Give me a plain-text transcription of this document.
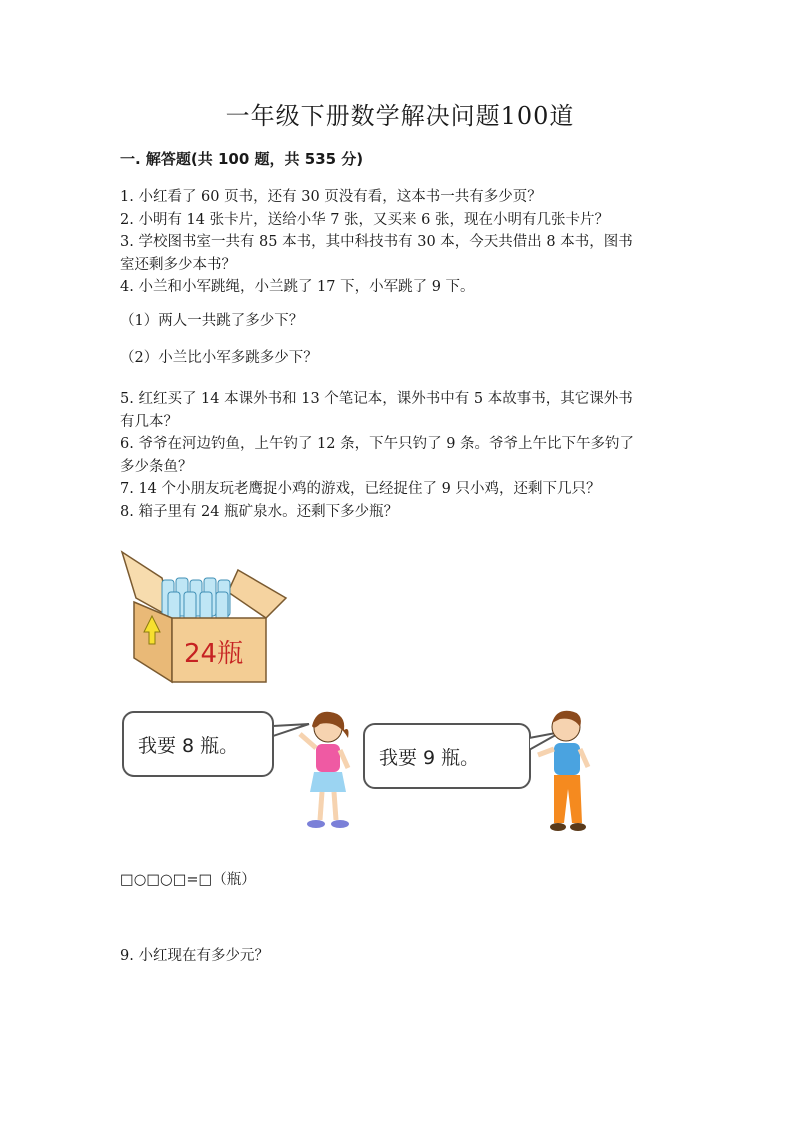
一年级下册数学解决问题100道
一. 解答题(共 100 题，共 535 分)
1. 小红看了 60 页书，还有 30 页没有看，这本书一共有多少页？
2. 小明有 14 张卡片，送给小华 7 张，又买来 6 张，现在小明有几张卡片？
3. 学校图书室一共有 85 本书，其中科技书有 30 本，今天共借出 8 本书，图书
室还剩多少本书？
4. 小兰和小军跳绳，小兰跳了 17 下，小军跳了 9 下。
（1）两人一共跳了多少下？
（2）小兰比小军多跳多少下？
5. 红红买了 14 本课外书和 13 个笔记本，课外书中有 5 本故事书，其它课外书
有几本？
6. 爷爷在河边钓鱼，上午钓了 12 条，下午只钓了 9 条。爷爷上午比下午多钓了
多少条鱼？
7. 14 个小朋友玩老鹰捉小鸡的游戏，已经捉住了 9 只小鸡，还剩下几只？
8. 箱子里有 24 瓶矿泉水。还剩下多少瓶？
24瓶
我要 8 瓶。
我要 9 瓶。
□○□○□=□（瓶）
9. 小红现在有多少元？
